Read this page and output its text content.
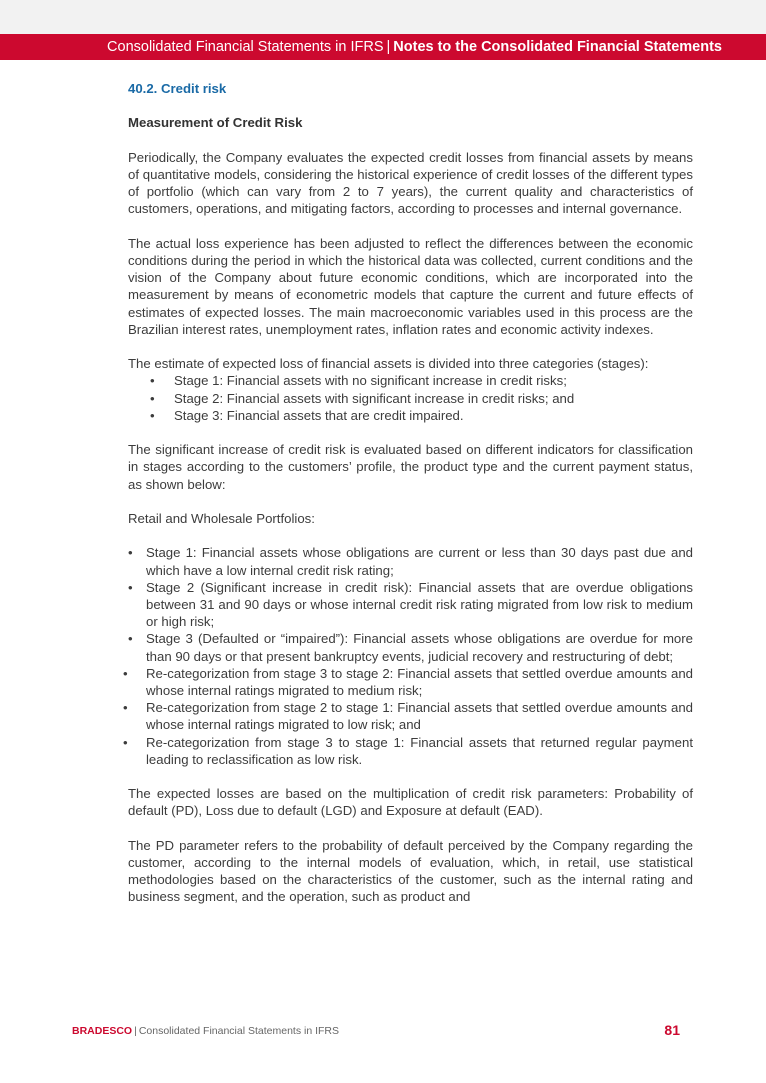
Consolidated Financial Statements in IFRS | Notes to the Consolidated Financial Statements
40.2. Credit risk
Measurement of Credit Risk

Periodically, the Company evaluates the expected credit losses from financial assets by means of quantitative models, considering the historical experience of credit losses of the different types of portfolio (which can vary from 2 to 7 years), the current quality and characteristics of customers, operations, and mitigating factors, according to processes and internal governance.

The actual loss experience has been adjusted to reflect the differences between the economic conditions during the period in which the historical data was collected, current conditions and the vision of the Company about future economic conditions, which are incorporated into the measurement by means of econometric models that capture the current and future effects of estimates of expected losses. The main macroeconomic variables used in this process are the Brazilian interest rates, unemployment rates, inflation rates and economic activity indexes.

The estimate of expected loss of financial assets is divided into three categories (stages):

• Stage 1: Financial assets with no significant increase in credit risks;
• Stage 2: Financial assets with significant increase in credit risks; and
• Stage 3: Financial assets that are credit impaired.

The significant increase of credit risk is evaluated based on different indicators for classification in stages according to the customers’ profile, the product type and the current payment status, as shown below:

Retail and Wholesale Portfolios:

• Stage 1: Financial assets whose obligations are current or less than 30 days past due and which have a low internal credit risk rating;
• Stage 2 (Significant increase in credit risk): Financial assets that are overdue obligations between 31 and 90 days or whose internal credit risk rating migrated from low risk to medium or high risk;
• Stage 3 (Defaulted or “impaired”): Financial assets whose obligations are overdue for more than 90 days or that present bankruptcy events, judicial recovery and restructuring of debt;
• Re-categorization from stage 3 to stage 2: Financial assets that settled overdue amounts and whose internal ratings migrated to medium risk;
• Re-categorization from stage 2 to stage 1: Financial assets that settled overdue amounts and whose internal ratings migrated to low risk; and
• Re-categorization from stage 3 to stage 1: Financial assets that returned regular payment leading to reclassification as low risk.

The expected losses are based on the multiplication of credit risk parameters: Probability of default (PD), Loss due to default (LGD) and Exposure at default (EAD).

The PD parameter refers to the probability of default perceived by the Company regarding the customer, according to the internal models of evaluation, which, in retail, use statistical methodologies based on the characteristics of the customer, such as the internal rating and business segment, and the operation, such as product and

BRADESCO | Consolidated Financial Statements in IFRS	81
